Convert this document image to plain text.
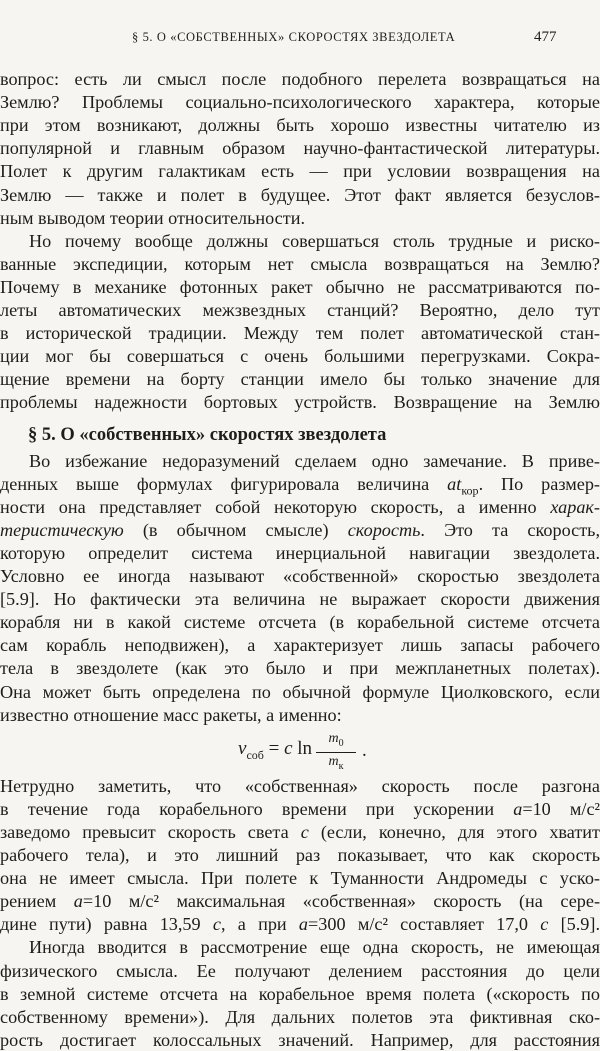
§ 5. О «СОБСТВЕННЫХ» СКОРОСТЯХ ЗВЕЗДОЛЕТА	477
вопрос: есть ли смысл после подобного перелета возвращаться на
Землю? Проблемы социально-психологического характера, которые
при этом возникают, должны быть хорошо известны читателю из
популярной и главным образом научно-фантастической литературы.
Полет к другим галактикам есть — при условии возвращения на
Землю — также и полет в будущее. Этот факт является безуслов-
ным выводом теории относительности.
Но почему вообще должны совершаться столь трудные и риско-
ванные экспедиции, которым нет смысла возвращаться на Землю?
Почему в механике фотонных ракет обычно не рассматриваются по-
леты автоматических межзвездных станций? Вероятно, дело тут
в исторической традиции. Между тем полет автоматической стан-
ции мог бы совершаться с очень большими перегрузками. Сокра-
щение времени на борту станции имело бы только значение для
проблемы надежности бортовых устройств. Возвращение на Землю
§ 5. О «собственных» скоростях звездолета
Во избежание недоразумений сделаем одно замечание. В приве-
денных выше формулах фигурировала величина $at_{кор}$. По размер-
ности она представляет собой некоторую скорость, а именно харак-
теристическую (в обычном смысле) скорость. Это та скорость,
которую определит система инерциальной навигации звездолета.
Условно ее иногда называют «собственной» скоростью звездолета
[5.9]. Но фактически эта величина не выражает скорости движения
корабля ни в какой системе отсчета (в корабельной системе отсчета
сам корабль неподвижен), а характеризует лишь запасы рабочего
тела в звездолете (как это было и при межпланетных полетах).
Она может быть определена по обычной формуле Циолковского, если
$v_{соб} = c$ ln	$m_0$
$m_к$
.
Нетрудно заметить, что «собственная» скорость после разгона
в течение года корабельного времени при ускорении a=10 м/с²
заведомо превысит скорость света c (если, конечно, для этого хватит
рабочего тела), и это лишний раз показывает, что как скорость
она не имеет смысла. При полете к Туманности Андромеды с уско-
рением a=10 м/с² максимальная «собственная» скорость (на сере-
дине пути) равна 13,59 c, а при a=300 м/с² составляет 17,0 c [5.9].
Иногда вводится в рассмотрение еще одна скорость, не имеющая
физического смысла. Ее получают делением расстояния до цели
в земной системе отсчета на корабельное время полета («скорость по
известно отношение масс ракеты, а именно:
собственному времени»). Для дальних полетов эта фиктивная ско-
рость достигает колоссальных значений. Например, для расстояния
